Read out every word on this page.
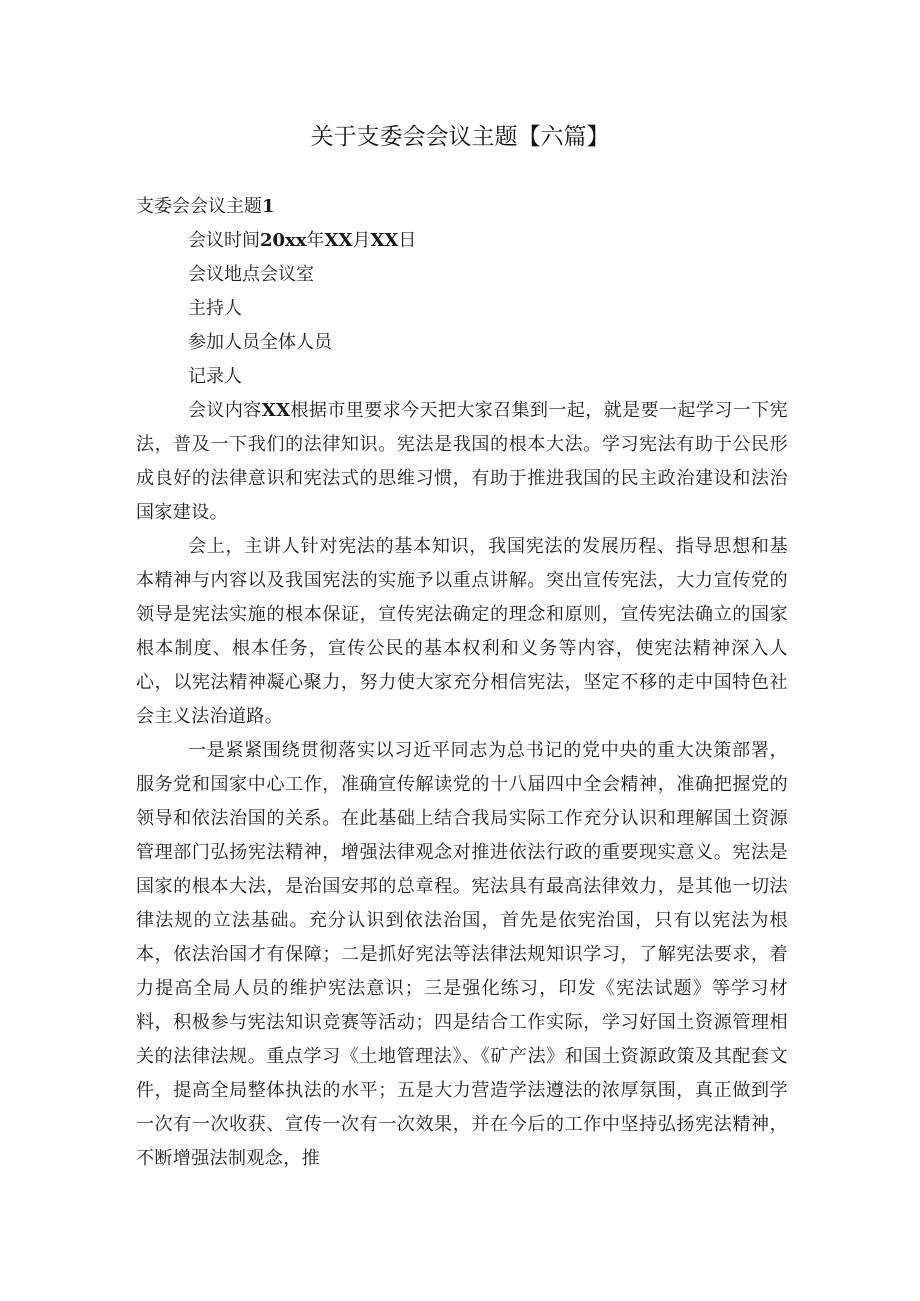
关于支委会会议主题【六篇】
支委会会议主题1

会议时间20xx年XX月XX日

会议地点会议室

主持人

参加人员全体人员

记录人

会议内容XX根据市里要求今天把大家召集到一起，就是要一起学习一下宪法，普及一下我们的法律知识。宪法是我国的根本大法。学习宪法有助于公民形成良好的法律意识和宪法式的思维习惯，有助于推进我国的民主政治建设和法治国家建设。

会上，主讲人针对宪法的基本知识，我国宪法的发展历程、指导思想和基本精神与内容以及我国宪法的实施予以重点讲解。突出宣传宪法，大力宣传党的领导是宪法实施的根本保证，宣传宪法确定的理念和原则，宣传宪法确立的国家根本制度、根本任务，宣传公民的基本权利和义务等内容，使宪法精神深入人心，以宪法精神凝心聚力，努力使大家充分相信宪法，坚定不移的走中国特色社会主义法治道路。

一是紧紧围绕贯彻落实以习近平同志为总书记的党中央的重大决策部署，服务党和国家中心工作，准确宣传解读党的十八届四中全会精神，准确把握党的领导和依法治国的关系。在此基础上结合我局实际工作充分认识和理解国土资源管理部门弘扬宪法精神，增强法律观念对推进依法行政的重要现实意义。宪法是国家的根本大法，是治国安邦的总章程。宪法具有最高法律效力，是其他一切法律法规的立法基础。充分认识到依法治国，首先是依宪治国，只有以宪法为根本，依法治国才有保障；二是抓好宪法等法律法规知识学习，了解宪法要求，着力提高全局人员的维护宪法意识；三是强化练习，印发《宪法试题》等学习材料，积极参与宪法知识竞赛等活动；四是结合工作实际，学习好国土资源管理相关的法律法规。重点学习《土地管理法》、《矿产法》和国土资源政策及其配套文件，提高全局整体执法的水平；五是大力营造学法遵法的浓厚氛围，真正做到学一次有一次收获、宣传一次有一次效果，并在今后的工作中坚持弘扬宪法精神，不断增强法制观念，推
